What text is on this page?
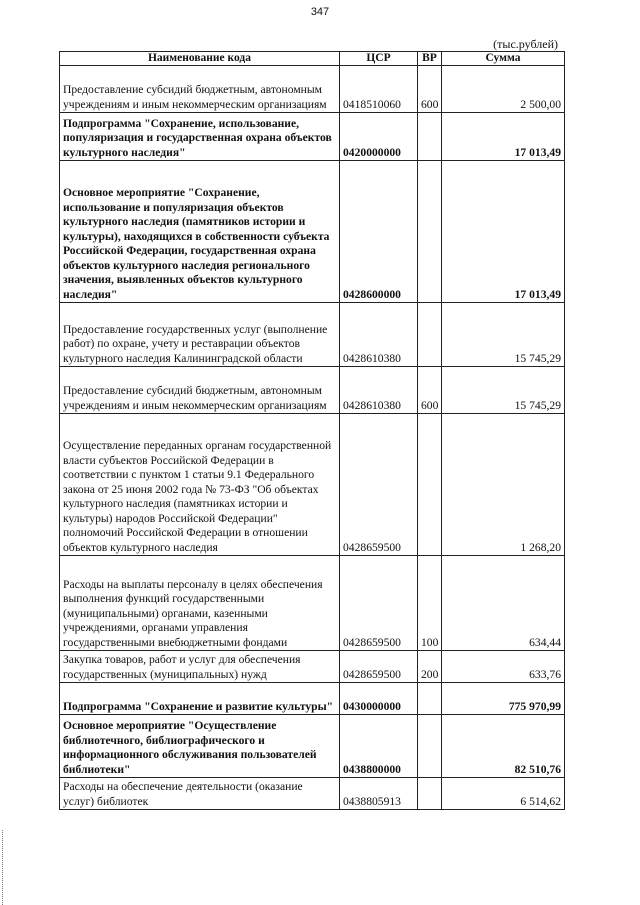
347
(тыс.рублей)
Наименование кода	ЦСР	ВР	Сумма
Предоставление субсидий бюджетным, автономным учреждениям и иным некоммерческим организациям	0418510060	600	2 500,00
Подпрограмма "Сохранение, использование, популяризация и государственная охрана объектов культурного наследия"	0420000000		17 013,49
Основное мероприятие "Сохранение, использование и популяризация объектов культурного наследия (памятников истории и культуры), находящихся в собственности субъекта Российской Федерации, государственная охрана объектов культурного наследия регионального значения, выявленных объектов культурного наследия"	0428600000		17 013,49
Предоставление государственных услуг (выполнение работ) по охране, учету и реставрации объектов культурного наследия Калининградской области	0428610380		15 745,29
Предоставление субсидий бюджетным, автономным учреждениям и иным некоммерческим организациям	0428610380	600	15 745,29
Осуществление переданных органам государственной власти субъектов Российской Федерации в соответствии с пунктом 1 статьи 9.1 Федерального закона от 25 июня 2002 года № 73-ФЗ "Об объектах культурного наследия (памятниках истории и культуры) народов Российской Федерации" полномочий Российской Федерации в отношении объектов культурного наследия	0428659500		1 268,20
Расходы на выплаты персоналу в целях обеспечения выполнения функций государственными (муниципальными) органами, казенными учреждениями, органами управления государственными внебюджетными фондами	0428659500	100	634,44
Закупка товаров, работ и услуг для обеспечения государственных (муниципальных) нужд	0428659500	200	633,76
Подпрограмма "Сохранение и развитие культуры"	0430000000		775 970,99
Основное мероприятие "Осуществление библиотечного, библиографического и информационного обслуживания пользователей библиотеки"	0438800000		82 510,76
Расходы на обеспечение деятельности (оказание услуг) библиотек	0438805913		6 514,62
